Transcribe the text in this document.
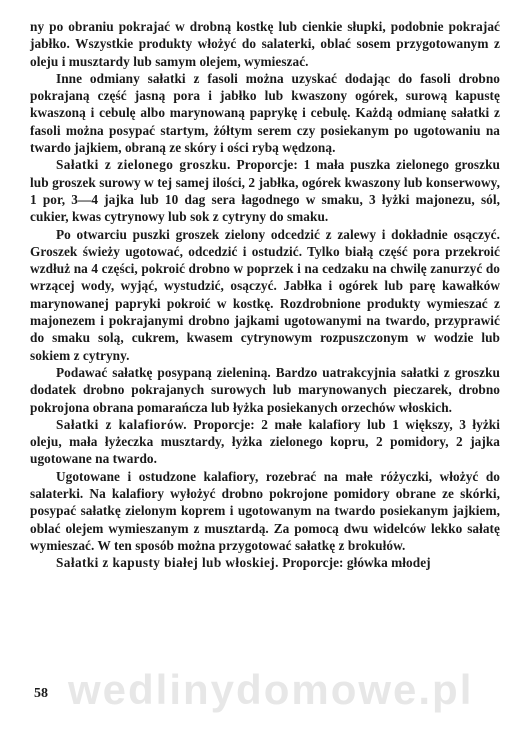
ny po obraniu pokrajać w drobną kostkę lub cienkie słupki, podobnie pokrajać jabłko. Wszystkie produkty włożyć do salaterki, oblać sosem przygotowanym z oleju i musztardy lub samym olejem, wymieszać.

Inne odmiany sałatki z fasoli można uzyskać dodając do fasoli drobno pokrajaną część jasną pora i jabłko lub kwaszony ogórek, surową kapustę kwaszoną i cebulę albo marynowaną paprykę i cebulę. Każdą odmianę sałatki z fasoli można posypać startym, żółtym serem czy posiekanym po ugotowaniu na twardo jajkiem, obraną ze skóry i ości rybą wędzoną.

Sałatki z zielonego groszku. Proporcje: 1 mała puszka zielonego groszku lub groszek surowy w tej samej ilości, 2 jabłka, ogórek kwaszony lub konserwowy, 1 por, 3—4 jajka lub 10 dag sera łagodnego w smaku, 3 łyżki majonezu, sól, cukier, kwas cytrynowy lub sok z cytryny do smaku.

Po otwarciu puszki groszek zielony odcedzić z zalewy i dokładnie osączyć. Groszek świeży ugotować, odcedzić i ostudzić. Tylko białą część pora przekroić wzdłuż na 4 części, pokroić drobno w poprzek i na cedzaku na chwilę zanurzyć do wrzącej wody, wyjąć, wystudzić, osączyć. Jabłka i ogórek lub parę kawałków marynowanej papryki pokroić w kostkę. Rozdrobnione produkty wymieszać z majonezem i pokrajanymi drobno jajkami ugotowanymi na twardo, przyprawić do smaku solą, cukrem, kwasem cytrynowym rozpuszczonym w wodzie lub sokiem z cytryny.

Podawać sałatkę posypaną zieleniną. Bardzo uatrakcyjnia sałatki z groszku dodatek drobno pokrajanych surowych lub marynowanych pieczarek, drobno pokrojona obrana pomarańcza lub łyżka posiekanych orzechów włoskich.

Sałatki z kalafiorów. Proporcje: 2 małe kalafiory lub 1 większy, 3 łyżki oleju, mała łyżeczka musztardy, łyżka zielonego kopru, 2 pomidory, 2 jajka ugotowane na twardo.

Ugotowane i ostudzone kalafiory, rozebrać na małe różyczki, włożyć do salaterki. Na kalafiory wyłożyć drobno pokrojone pomidory obrane ze skórki, posypać sałatkę zielonym koprem i ugotowanym na twardo posiekanym jajkiem, oblać olejem wymieszanym z musztardą. Za pomocą dwu widelców lekko sałatę wymieszać. W ten sposób można przygotować sałatkę z brokułów.

Sałatki z kapusty białej lub włoskiej. Proporcje: główka młodej

wedlinydomowe.pl
58
